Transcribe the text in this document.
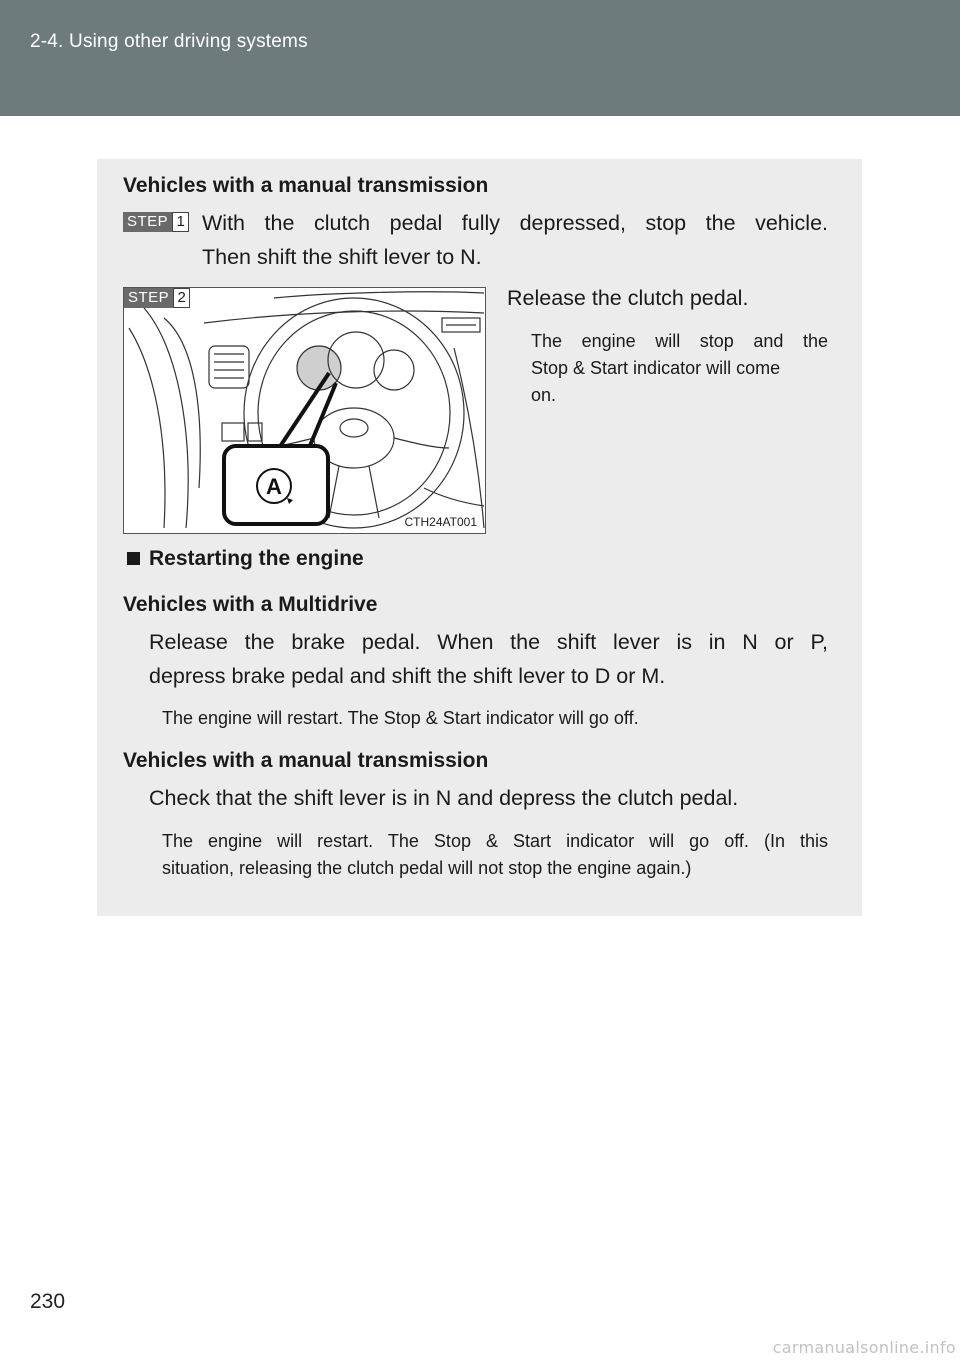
2-4. Using other driving systems
Vehicles with a manual transmission
STEP 1 With the clutch pedal fully depressed, stop the vehicle.
Then shift the shift lever to N.
A
STEP 2
CTH24AT001
Release the clutch pedal.
The engine will stop and the
Stop & Start indicator will come
on.
Restarting the engine
Vehicles with a Multidrive
Release the brake pedal. When the shift lever is in N or P,
depress brake pedal and shift the shift lever to D or M.
The engine will restart. The Stop & Start indicator will go off.
Vehicles with a manual transmission
Check that the shift lever is in N and depress the clutch pedal.
The engine will restart. The Stop & Start indicator will go off. (In this
situation, releasing the clutch pedal will not stop the engine again.)
230
carmanualsonline.info
